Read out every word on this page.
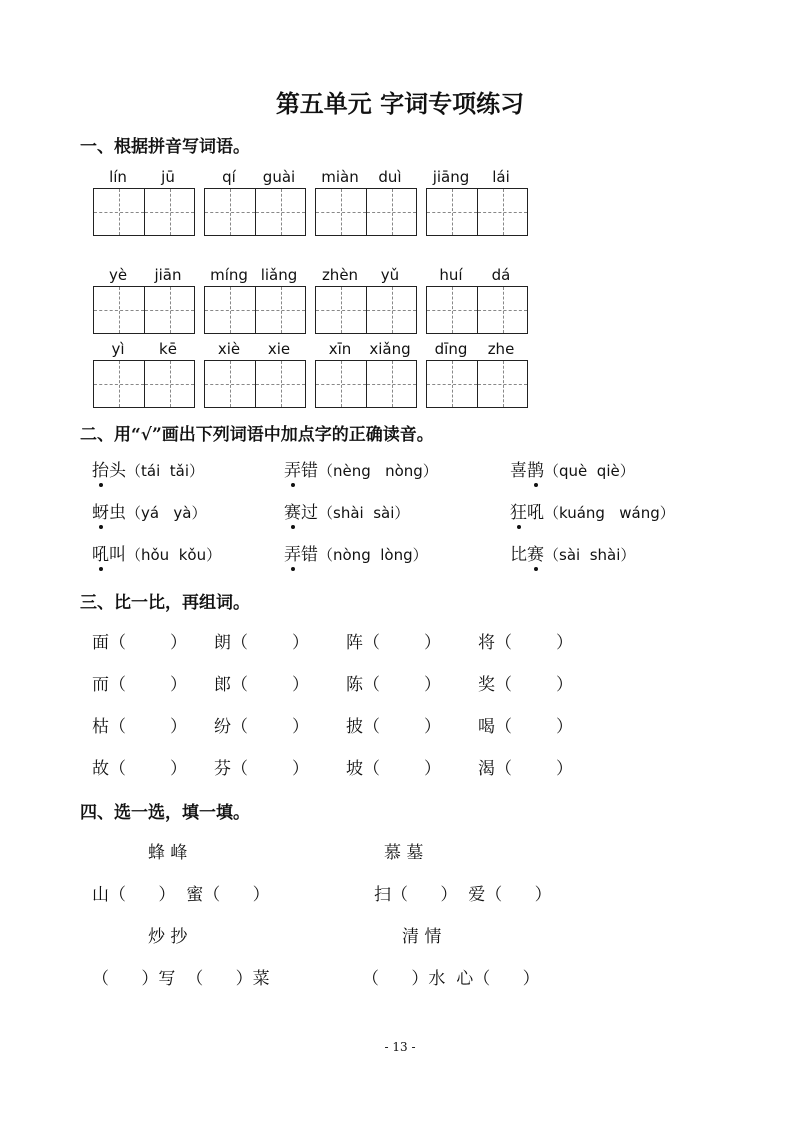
第五单元 字词专项练习
一、根据拼音写词语。
lín	jū	qí	guài	miàn	duì	jiāng	lái
yè	jiān	míng liǎng	zhèn	yǔ	huí	dá
yì	kē	xiè	xie	xīn	xiǎng	dīng	zhe
二、用“√”画出下列词语中加点字的正确读音。
抬头（tái  tǎi）	弄错（nèng   nòng）	喜鹊（què  qiè）
蚜虫（yá   yà）	赛过（shài  sài）	狂吼（kuáng   wáng）
吼叫（hǒu  kǒu）	弄错（nòng  lòng）	比赛（sài  shài）
三、比一比，再组词。
面（	） 朗（	） 阵（	） 将（	）
而（	） 郎（	） 陈（	） 奖（	）
枯（	） 纷（	） 披（	） 喝（	）
故（	） 芬（	） 坡（	） 渴（	）
四、选一选，填一填。
蜂 峰	慕 墓
山（      ）  蜜（      ）	扫（      ）  爱（      ）
炒 抄	清 情
（      ）写  （      ）菜	（      ）水  心（      ）
- 13 -
